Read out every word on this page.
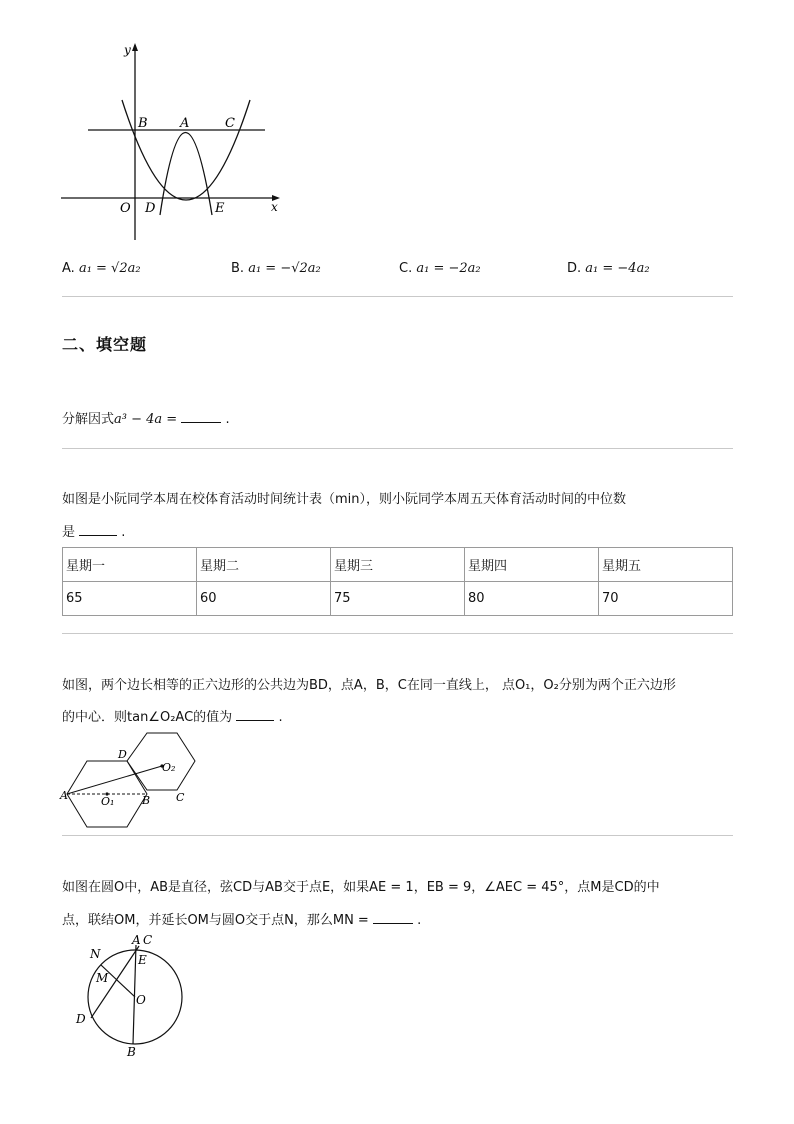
y
x
O
B A	C
D	E
A. a₁ = √2a₂	B. a₁ = −√2a₂	C. a₁ = −2a₂	D. a₁ = −4a₂
二、填空题
分解因式a³ − 4a =	.
如图是小阮同学本周在校体育活动时间统计表（min），则小阮同学本周五天体育活动时间的中位数
是	.
星期一	星期二	星期三	星期四	星期五
65	60	75	80	70
如图，两个边长相等的正六边形的公共边为BD，点A，B，C在同一直线上， 点O₁，O₂分别为两个正六边形
的中心．则tan∠O₂AC的值为	.
A	B C
D
O₁
O₂
如图在圆O中，AB是直径，弦CD与AB交于点E，如果AE = 1，EB = 9，∠AEC = 45°，点M是CD的中
点，联结OM，并延长OM与圆O交于点N，那么MN =	.
A C
E
N
M
O
D
B
